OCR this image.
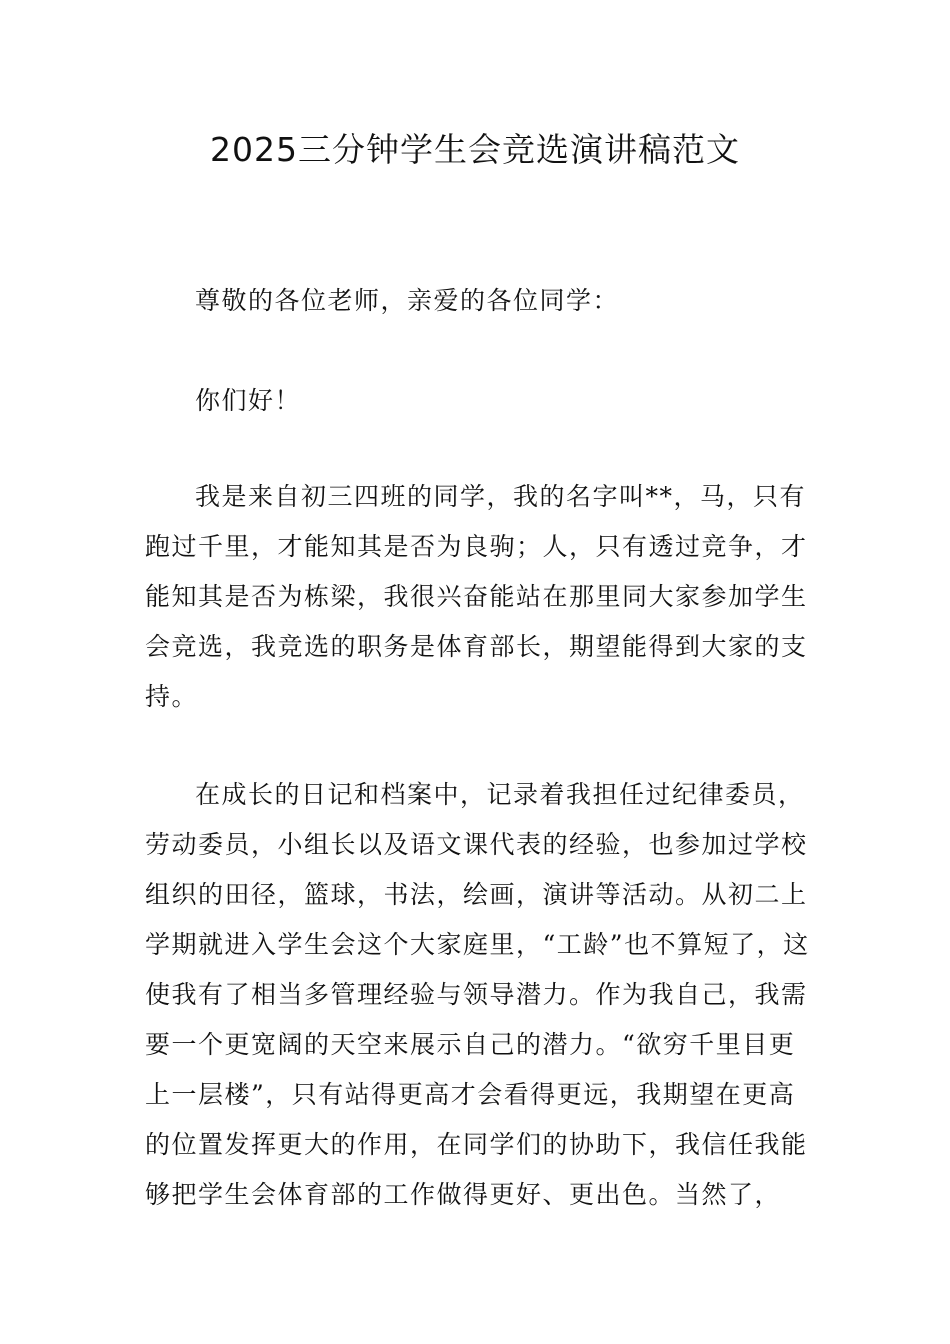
2025三分钟学生会竞选演讲稿范文

尊敬的各位老师，亲爱的各位同学：

你们好！

我是来自初三四班的同学，我的名字叫**，马，只有跑过千里，才能知其是否为良驹；人，只有透过竞争，才能知其是否为栋梁，我很兴奋能站在那里同大家参加学生会竞选，我竞选的职务是体育部长，期望能得到大家的支持。

在成长的日记和档案中，记录着我担任过纪律委员，劳动委员，小组长以及语文课代表的经验，也参加过学校组织的田径，篮球，书法，绘画，演讲等活动。从初二上学期就进入学生会这个大家庭里，“工龄”也不算短了，这使我有了相当多管理经验与领导潜力。作为我自己，我需要一个更宽阔的天空来展示自己的潜力。“欲穷千里目更上一层楼”，只有站得更高才会看得更远，我期望在更高的位置发挥更大的作用，在同学们的协助下，我信任我能够把学生会体育部的工作做得更好、更出色。当然了，
